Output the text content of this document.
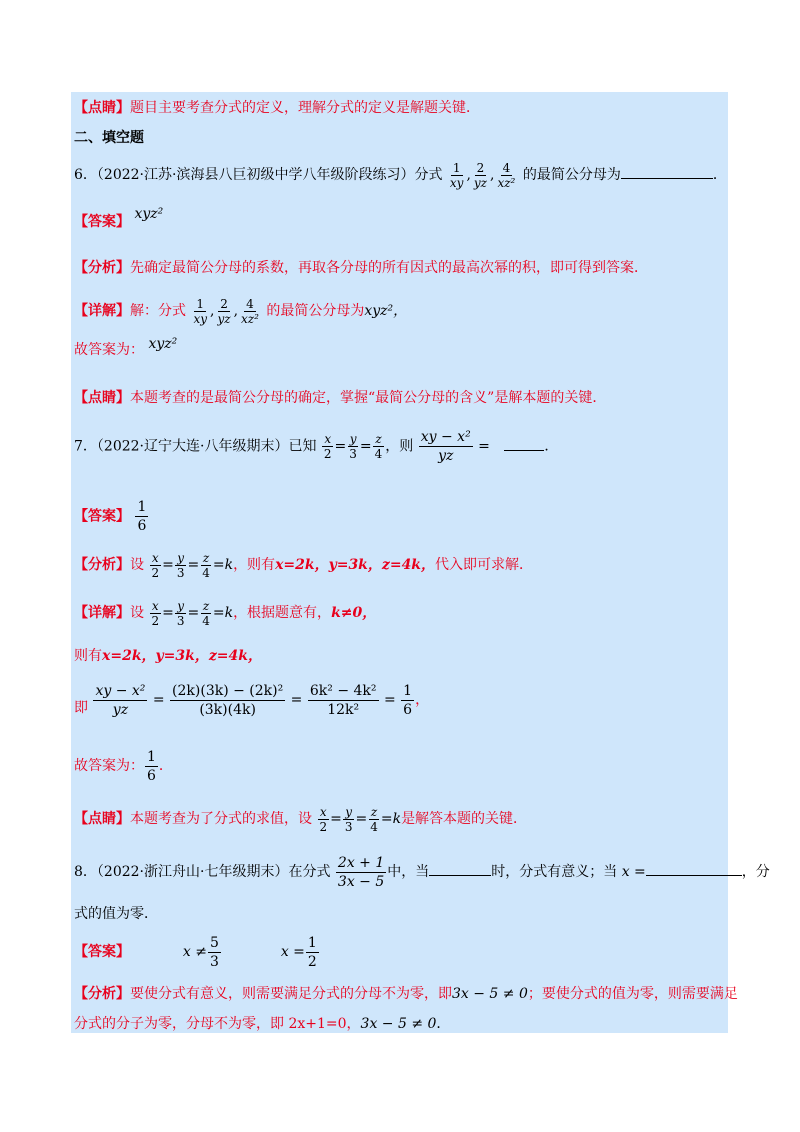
【点睛】题目主要考查分式的定义，理解分式的定义是解题关键．
二、填空题
6．（2022·江苏·滨海县八巨初级中学八年级阶段练习）分式 $\frac{1}{xy}$ , $\frac{2}{yz}$ , $\frac{4}{\text{xz²}}$ 的最简公分母为	．
【答案】 xyz²
【分析】先确定最简公分母的系数，再取各分母的所有因式的最高次幂的积，即可得到答案．
【详解】解：分式 $\frac{1}{xy}$ , $\frac{2}{yz}$ , $\frac{4}{\text{xz²}}$ 的最简公分母为xyz²，
故答案为： xyz²
【点睛】本题考查的是最简公分母的确定，掌握“最简公分母的含义”是解本题的关键．
7．（2022·辽宁大连·八年级期末）已知 $\frac{x}{2} = \frac{y}{3} = \frac{z}{4}$ ，则 $\frac{\text{xy − x²}}{yz}$ =	．
【答案】 $\frac{1}{6}$
【分析】设 $\frac{x}{2} = \frac{y}{3} = \frac{z}{4} =k$，则有x=2k，y=3k，z=4k，代入即可求解．
【详解】设 $\frac{x}{2} = \frac{y}{3} = \frac{z}{4} =k$，根据题意有，k≠0，
则有x=2k，y=3k，z=4k，
即 $\frac{\text{xy − x²}}{yz} = \frac{\text{(2k)(3k) − (2k)²}}{(3k)(4k)} = \frac{\text{6k² − 4k²}}{\text{12k²}} = \frac{1}{6}$ ，
故答案为： $\frac{1}{6}$ ．
【点睛】本题考查为了分式的求值，设 $\frac{x}{2} = \frac{y}{3} = \frac{z}{4} =k$是解答本题的关键．
8．（2022·浙江舟山·七年级期末）在分式 $\frac{2x + 1}{3x - 5}$ 中，当	时，分式有意义；当 x =	，分
式的值为零．
【答案】	$x \ne \frac{5}{3}$	$x = \frac{1}{2}$
【分析】要使分式有意义，则需要满足分式的分母不为零，即3x − 5 ≠ 0；要使分式的值为零，则需要满足
分式的分子为零，分母不为零，即 2x+1=0，3x − 5 ≠ 0．
